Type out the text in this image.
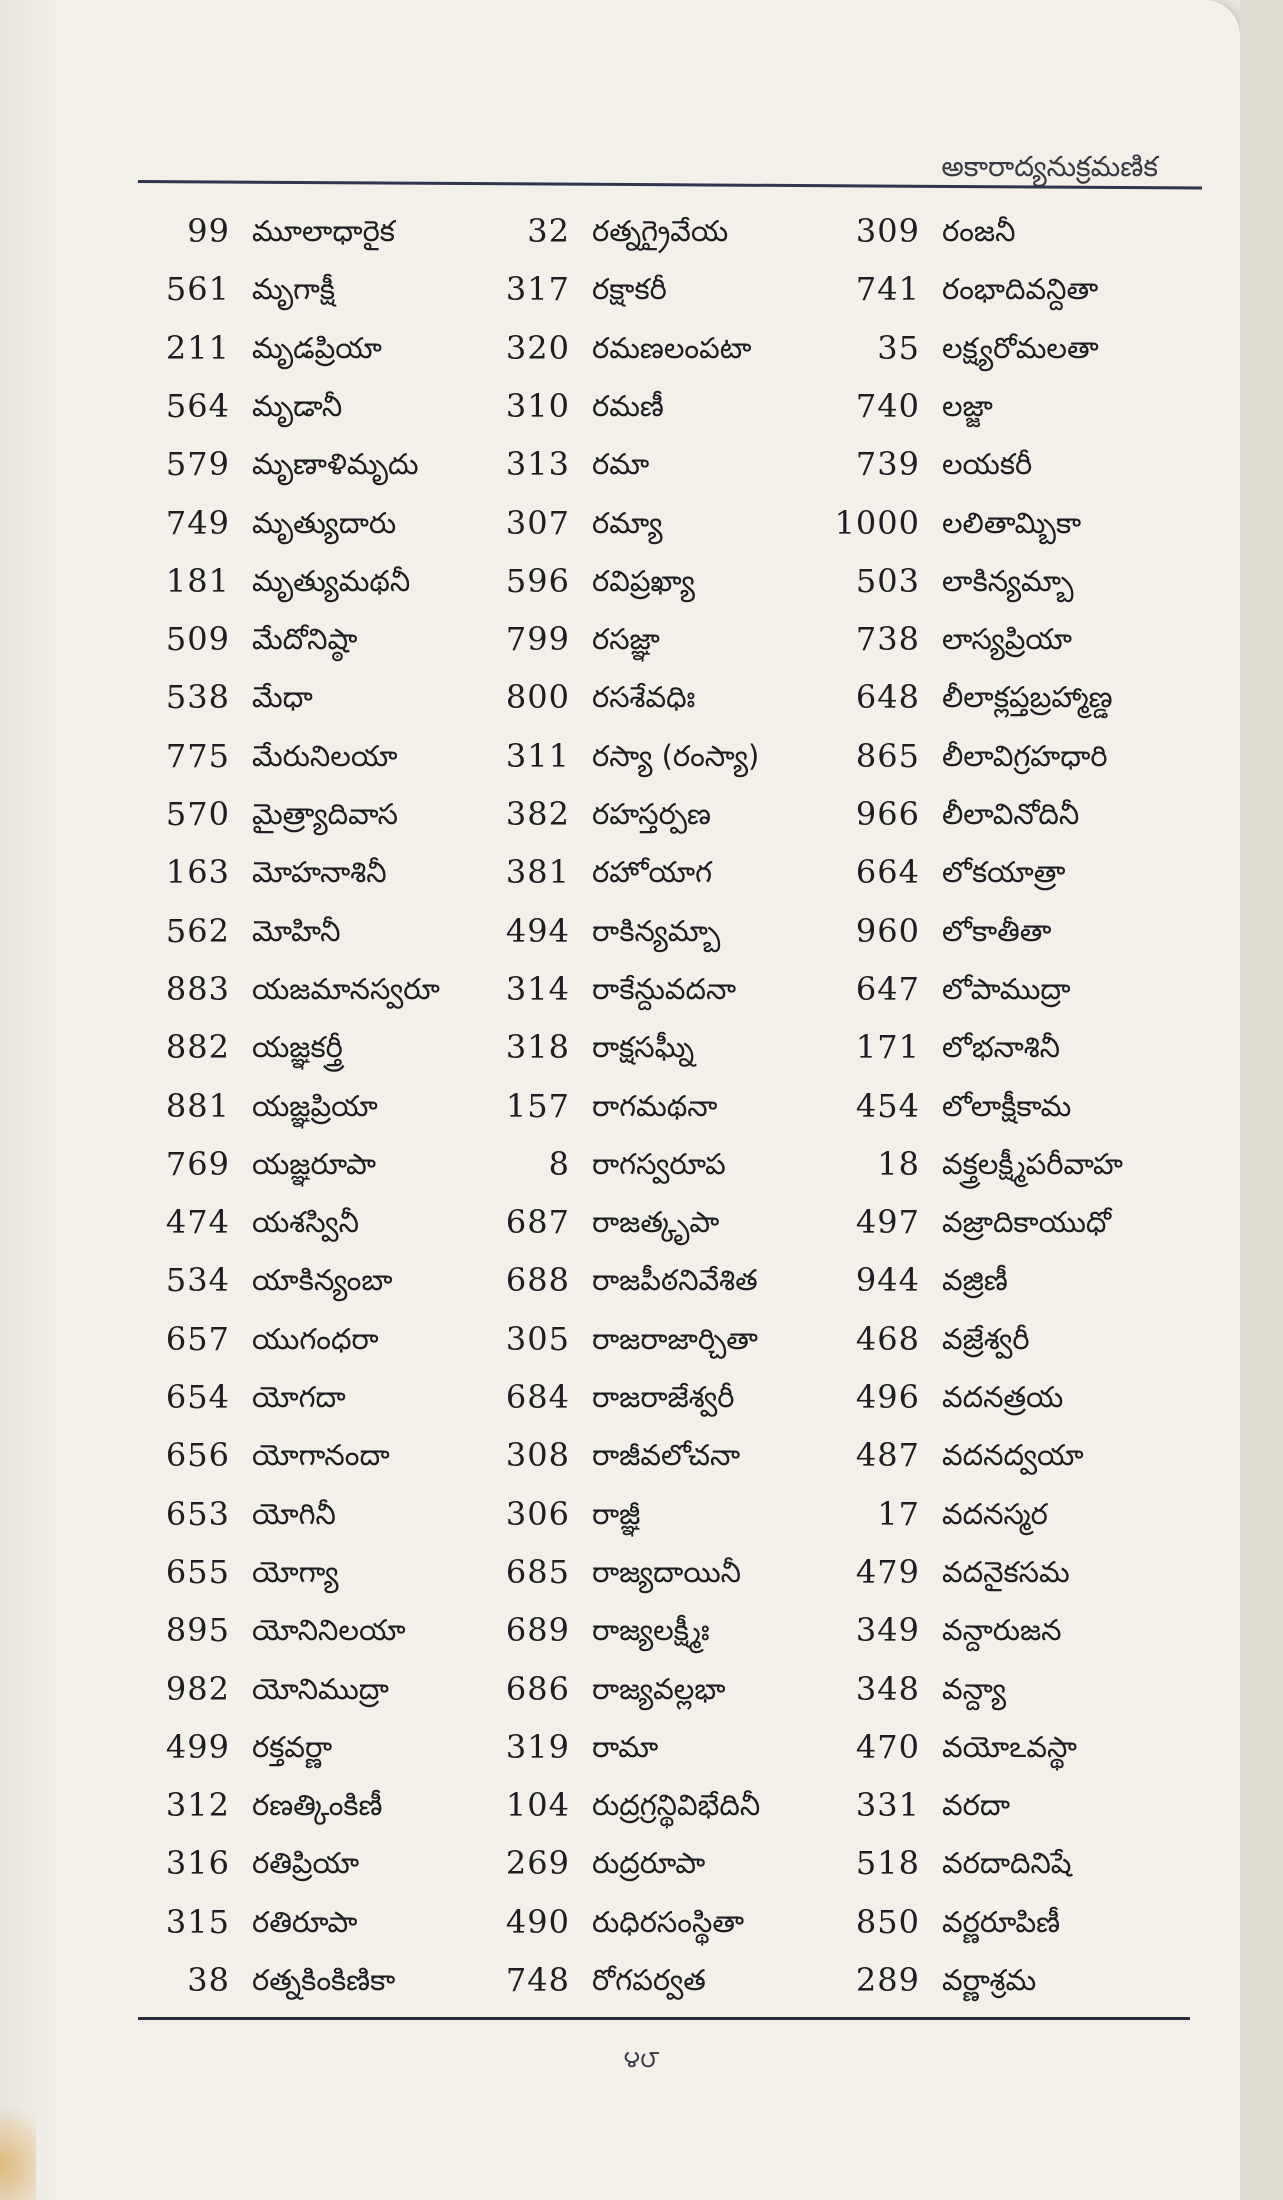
అకారాద్యనుక్రమణిక
99 మూలాధారైక
561 మృగాక్షీ
211 మృడప్రియా
564 మృడానీ
579 మృణాళిమృదు
749 మృత్యుదారు
181 మృత్యుమథనీ
509 మేదోనిష్ఠా
538 మేధా
775 మేరునిలయా
570 మైత్ర్యాదివాస
163 మోహనాశినీ
562 మోహినీ
883 యజమానస్వరూ
882 యజ్ఞకర్త్రీ
881 యజ్ఞప్రియా
769 యజ్ఞరూపా
474 యశస్వినీ
534 యాకిన్యంబా
657 యుగంధరా
654 యోగదా
656 యోగానందా
653 యోగినీ
655 యోగ్యా
895 యోనినిలయా
982 యోనిముద్రా
499 రక్తవర్ణా
312 రణత్కింకిణీ
316 రతిప్రియా
315 రతిరూపా
38 రత్నకింకిణికా
32 రత్నగ్రైవేయ
317 రక్షాకరీ
320 రమణలంపటా
310 రమణీ
313 రమా
307 రమ్యా
596 రవిప్రఖ్యా
799 రసజ్ఞా
800 రసశేవధిః
311 రస్యా (రంస్యా)
382 రహస్తర్పణ
381 రహోయాగ
494 రాకిన్యమ్బా
314 రాకేన్దువదనా
318 రాక్షసఘ్నీ
157 రాగమథనా
8 రాగస్వరూప
687 రాజత్కృపా
688 రాజపీఠనివేశిత
305 రాజరాజార్చితా
684 రాజరాజేశ్వరీ
308 రాజీవలోచనా
306 రాజ్ఞీ
685 రాజ్యదాయినీ
689 రాజ్యలక్ష్మీః
686 రాజ్యవల్లభా
319 రామా
104 రుద్రగ్రన్థివిభేదినీ
269 రుద్రరూపా
490 రుధిరసంస్థితా
748 రోగపర్వత
309 రంజనీ
741 రంభాదివన్దితా
35 లక్ష్యరోమలతా
740 లజ్జా
739 లయకరీ
1000 లలితామ్బికా
503 లాకిన్యమ్బా
738 లాస్యప్రియా
648 లీలాక్లప్తబ్రహ్మాణ్డ
865 లీలావిగ్రహధారి
966 లీలావినోదినీ
664 లోకయాత్రా
960 లోకాతీతా
647 లోపాముద్రా
171 లోభనాశినీ
454 లోలాక్షీకామ
18 వక్త్రలక్ష్మీపరీవాహ
497 వజ్రాదికాయుధో
944 వజ్రిణీ
468 వజ్రేశ్వరీ
496 వదనత్రయ
487 వదనద్వయా
17 వదనస్మర
479 వదనైకసమ
349 వన్దారుజన
348 వన్ద్యా
470 వయోఽవస్థా
331 వరదా
518 వరదాదినిషే
850 వర్ణరూపిణీ
289 వర్ణాశ్రమ
౪౮
